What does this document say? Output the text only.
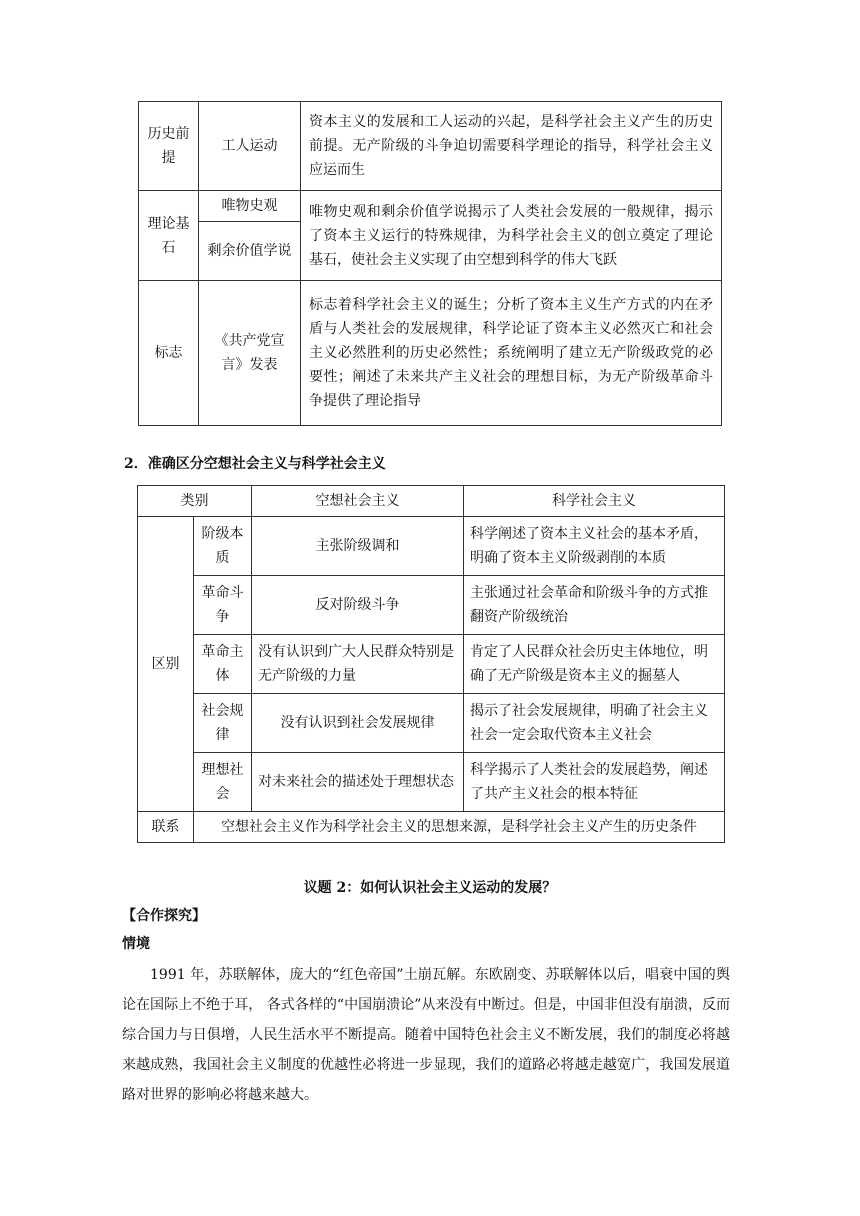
历史前提	工人运动	资本主义的发展和工人运动的兴起，是科学社会主义产生的历史前提。无产阶级的斗争迫切需要科学理论的指导，科学社会主义应运而生
理论基石	唯物史观	唯物史观和剩余价值学说揭示了人类社会发展的一般规律，揭示了资本主义运行的特殊规律，为科学社会主义的创立奠定了理论基石，使社会主义实现了由空想到科学的伟大飞跃
	剩余价值学说	
标志	《共产党宣言》发表	标志着科学社会主义的诞生；分析了资本主义生产方式的内在矛盾与人类社会的发展规律，科学论证了资本主义必然灭亡和社会主义必然胜利的历史必然性；系统阐明了建立无产阶级政党的必要性；阐述了未来共产主义社会的理想目标，为无产阶级革命斗争提供了理论指导
2．准确区分空想社会主义与科学社会主义
类别		空想社会主义	科学社会主义
区别	阶级本质	主张阶级调和	科学阐述了资本主义社会的基本矛盾，明确了资本主义阶级剥削的本质
	革命斗争	反对阶级斗争	主张通过社会革命和阶级斗争的方式推翻资产阶级统治
	革命主体	没有认识到广大人民群众特别是无产阶级的力量	肯定了人民群众社会历史主体地位，明确了无产阶级是资本主义的掘墓人
	社会规律	没有认识到社会发展规律	揭示了社会发展规律，明确了社会主义社会一定会取代资本主义社会
	理想社会	对未来社会的描述处于理想状态	科学揭示了人类社会的发展趋势，阐述了共产主义社会的根本特征
联系	空想社会主义作为科学社会主义的思想来源，是科学社会主义产生的历史条件		
议题 2：如何认识社会主义运动的发展？
【合作探究】
情境
1991 年，苏联解体，庞大的“红色帝国”土崩瓦解。东欧剧变、苏联解体以后，唱衰中国的舆论在国际上不绝于耳， 各式各样的“中国崩溃论”从来没有中断过。但是，中国非但没有崩溃，反而综合国力与日俱增，人民生活水平不断提高。随着中国特色社会主义不断发展，我们的制度必将越来越成熟，我国社会主义制度的优越性必将进一步显现，我们的道路必将越走越宽广，我国发展道路对世界的影响必将越来越大。
